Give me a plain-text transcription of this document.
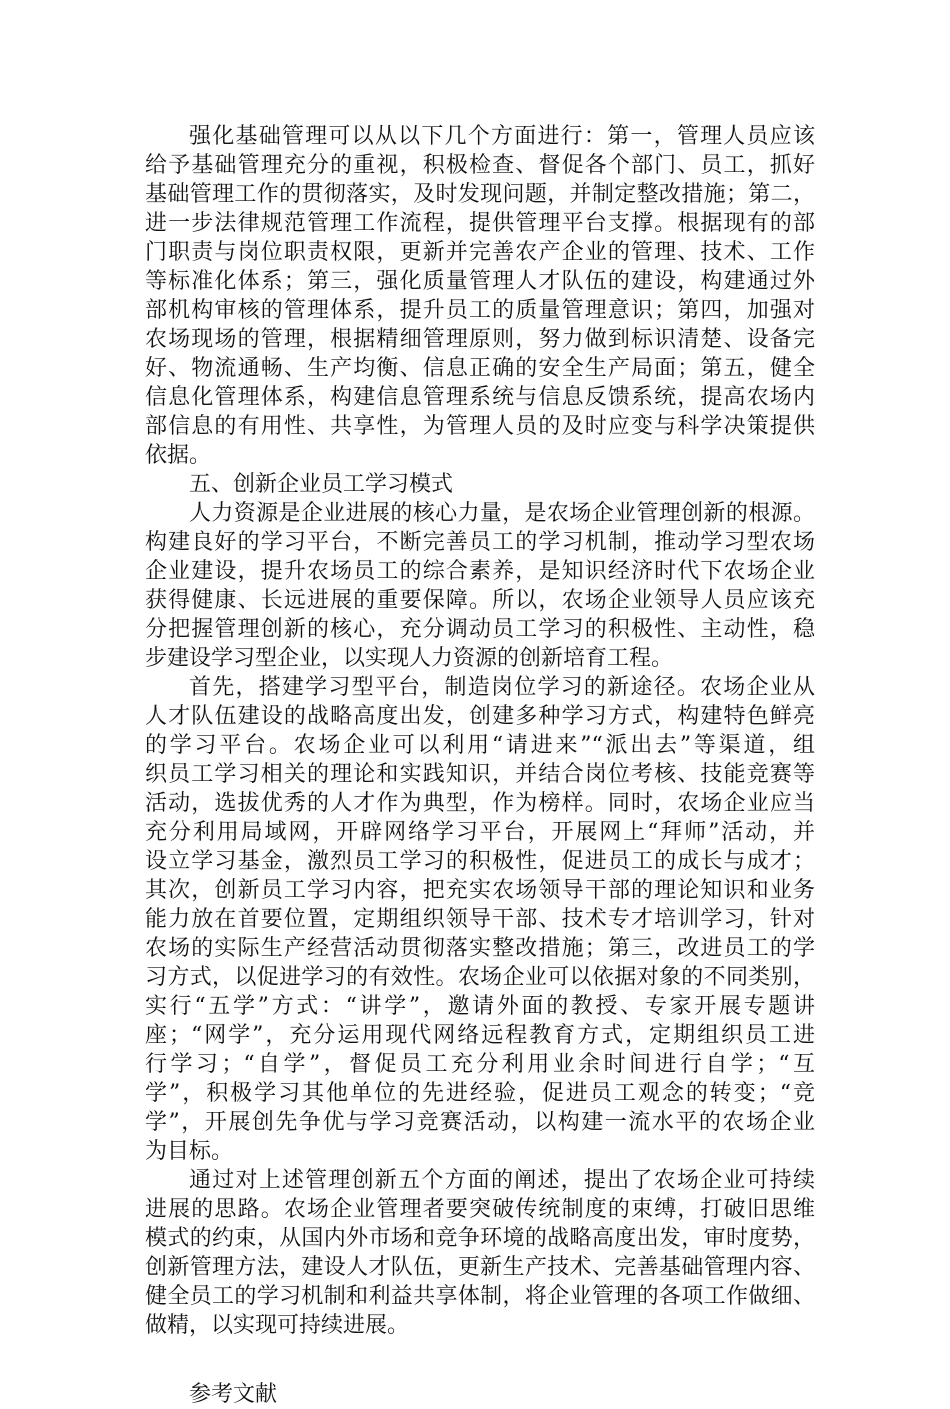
强化基础管理可以从以下几个方面进行：第一，管理人员应该
给予基础管理充分的重视，积极检查、督促各个部门、员工，抓好
基础管理工作的贯彻落实，及时发现问题，并制定整改措施；第二，
进一步法律规范管理工作流程，提供管理平台支撑。根据现有的部
门职责与岗位职责权限，更新并完善农产企业的管理、技术、工作
等标准化体系；第三，强化质量管理人才队伍的建设，构建通过外
部机构审核的管理体系，提升员工的质量管理意识；第四，加强对
农场现场的管理，根据精细管理原则，努力做到标识清楚、设备完
好、物流通畅、生产均衡、信息正确的安全生产局面；第五，健全
信息化管理体系，构建信息管理系统与信息反馈系统，提高农场内
部信息的有用性、共享性，为管理人员的及时应变与科学决策提供
依据。
五、创新企业员工学习模式
人力资源是企业进展的核心力量，是农场企业管理创新的根源。
构建良好的学习平台，不断完善员工的学习机制，推动学习型农场
企业建设，提升农场员工的综合素养，是知识经济时代下农场企业
获得健康、长远进展的重要保障。所以，农场企业领导人员应该充
分把握管理创新的核心，充分调动员工学习的积极性、主动性，稳
步建设学习型企业，以实现人力资源的创新培育工程。
首先，搭建学习型平台，制造岗位学习的新途径。农场企业从
人才队伍建设的战略高度出发，创建多种学习方式，构建特色鲜亮
的学习平台。农场企业可以利用“请进来”“派出去”等渠道，组
织员工学习相关的理论和实践知识，并结合岗位考核、技能竞赛等
活动，选拔优秀的人才作为典型，作为榜样。同时，农场企业应当
充分利用局域网，开辟网络学习平台，开展网上“拜师”活动，并
设立学习基金，激烈员工学习的积极性，促进员工的成长与成才；
其次，创新员工学习内容，把充实农场领导干部的理论知识和业务
能力放在首要位置，定期组织领导干部、技术专才培训学习，针对
农场的实际生产经营活动贯彻落实整改措施；第三，改进员工的学
习方式，以促进学习的有效性。农场企业可以依据对象的不同类别，
实行“五学”方式：“讲学”，邀请外面的教授、专家开展专题讲
座；“网学”，充分运用现代网络远程教育方式，定期组织员工进
行学习；“自学”，督促员工充分利用业余时间进行自学；“互
学”，积极学习其他单位的先进经验，促进员工观念的转变；“竞
学”，开展创先争优与学习竞赛活动，以构建一流水平的农场企业
为目标。
通过对上述管理创新五个方面的阐述，提出了农场企业可持续
进展的思路。农场企业管理者要突破传统制度的束缚，打破旧思维
模式的约束，从国内外市场和竞争环境的战略高度出发，审时度势，
创新管理方法，建设人才队伍，更新生产技术、完善基础管理内容、
健全员工的学习机制和利益共享体制，将企业管理的各项工作做细、
做精，以实现可持续进展。
参考文献
